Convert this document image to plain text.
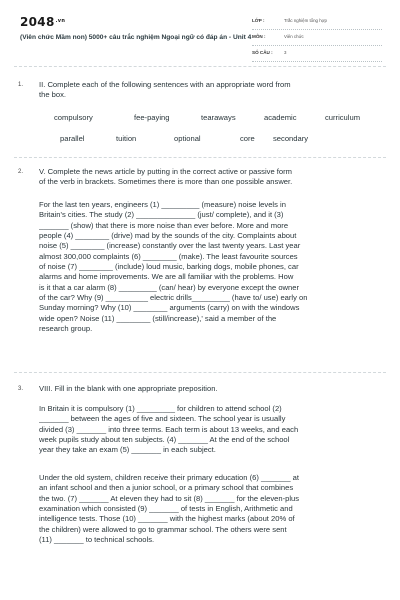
$2048^{.vn}$
(Viên chức Mầm non) 5000+ câu trắc nghiệm Ngoại ngữ có đáp án - Unit 4
LỚP :	Trắc nghiệm tổng hợp
MÔN :	Viên chức
SỐ CÂU :	3
1. II. Complete each of the following sentences with an appropriate word from
the box.
compulsory	fee-paying	tearaways	academic	curriculum
parallel	tuition	optional	core secondary
2. V. Complete the news article by putting in the correct active or passive form
of the verb in brackets. Sometimes there is more than one possible answer.
For the last ten years, engineers (1) _________ (measure) noise levels in
Britain's cities. The study (2) ______________ (just/ complete), and it (3)
_______ (show) that there is more noise than ever before. More and more
people (4) ________ (drive) mad by the sounds of the city. Complaints about
noise (5) ________ (increase) constantly over the last twenty years. Last year
almost 300,000 complaints (6) ________ (make). The least favourite sources
of noise (7) ________ (include) loud music, barking dogs, mobile phones, car
alarms and home improvements. We are all familiar with the problems. How
is it that a car alarm (8) _________ (can/ hear) by everyone except the owner
of the car? Why (9) __________ electric drills_________ (have to/ use) early on
Sunday morning? Why (10) ________ arguments (carry) on with the windows
wide open? Noise (11) ________ (still/increase),' said a member of the
research group.
3. VIII. Fill in the blank with one appropriate preposition.
In Britain it is compulsory (1) _________ for children to attend school (2)
_______ between the ages of five and sixteen. The school year is usually
divided (3) _______ into three terms. Each term is about 13 weeks, and each
week pupils study about ten subjects. (4) _______ At the end of the school
year they take an exam (5) _______ in each subject.
Under the old system, children receive their primary education (6) _______ at
an infant school and then a junior school, or a primary school that combines
the two. (7) _______ At eleven they had to sit (8) _______ for the eleven-plus
examination which consisted (9) _______ of tests in English, Arithmetic and
intelligence tests. Those (10) _______ with the highest marks (about 20% of
the children) were allowed to go to grammar school. The others were sent
(11) _______ to technical schools.
